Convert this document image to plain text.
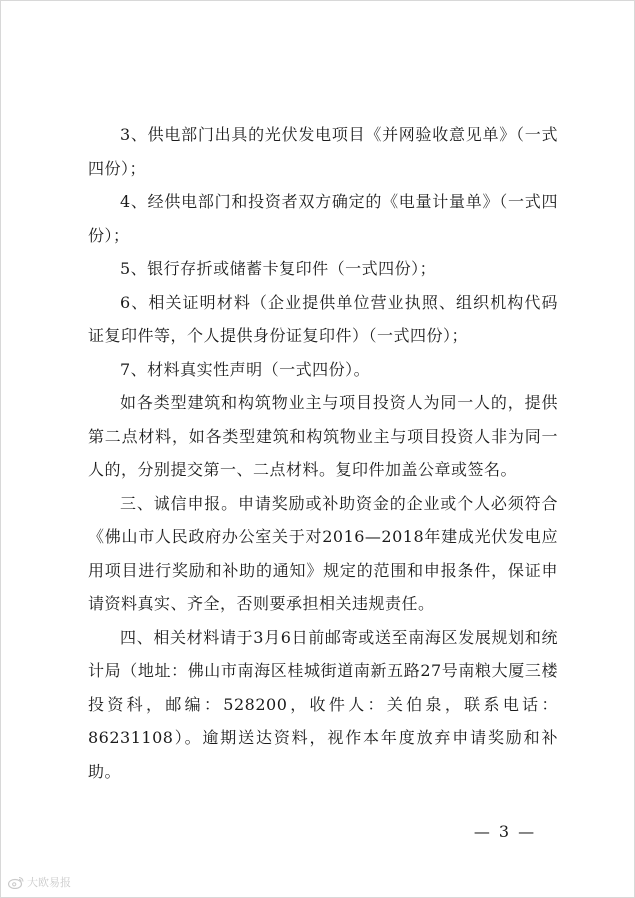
3、供电部门出具的光伏发电项目《并网验收意见单》（一式四份）；

4、经供电部门和投资者双方确定的《电量计量单》（一式四份）；

5、银行存折或储蓄卡复印件（一式四份）；

6、相关证明材料（企业提供单位营业执照、组织机构代码证复印件等，个人提供身份证复印件）（一式四份）；

7、材料真实性声明（一式四份）。

如各类型建筑和构筑物业主与项目投资人为同一人的，提供第二点材料，如各类型建筑和构筑物业主与项目投资人非为同一人的，分别提交第一、二点材料。复印件加盖公章或签名。

三、诚信申报。申请奖励或补助资金的企业或个人必须符合《佛山市人民政府办公室关于对2016—2018年建成光伏发电应用项目进行奖励和补助的通知》规定的范围和申报条件，保证申请资料真实、齐全，否则要承担相关违规责任。

四、相关材料请于3月6日前邮寄或送至南海区发展规划和统计局（地址：佛山市南海区桂城街道南新五路27号南粮大厦三楼投资科，邮编：528200，收件人：关伯泉，联系电话：86231108）。逾期送达资料，视作本年度放弃申请奖励和补助。

— 3 —
大欧易报
